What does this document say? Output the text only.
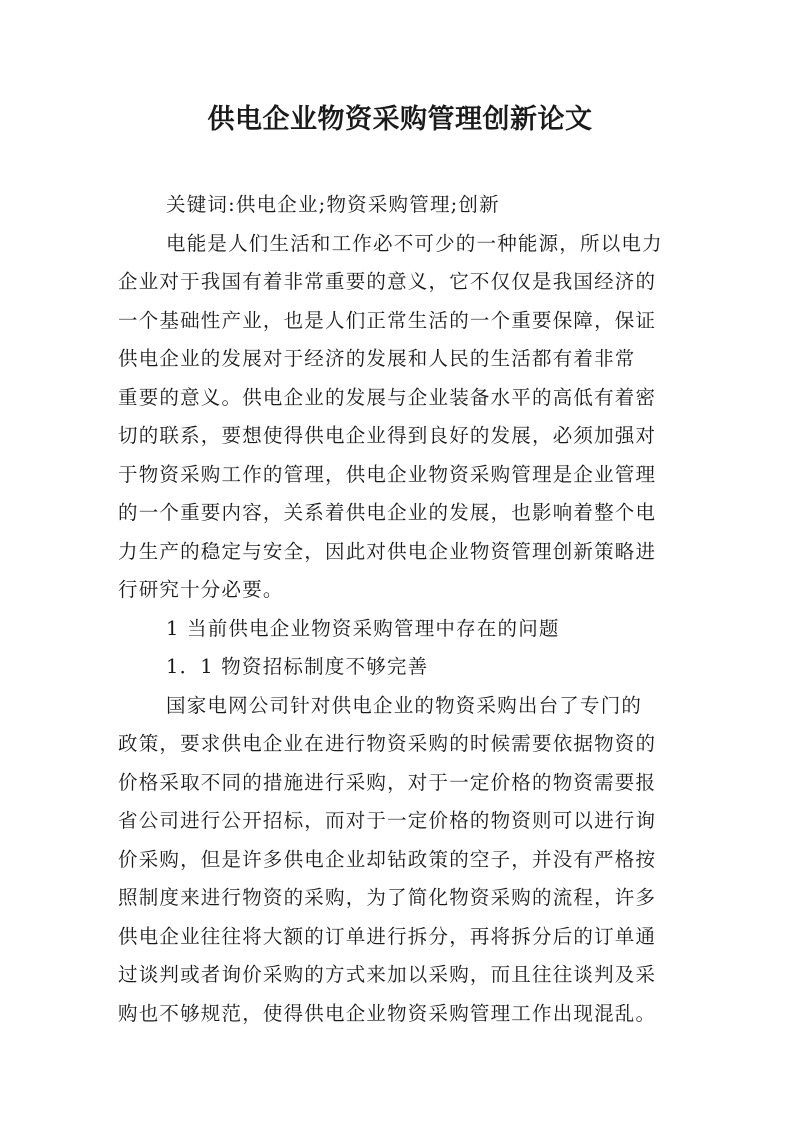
供电企业物资采购管理创新论文

关键词:供电企业;物资采购管理;创新

电能是人们生活和工作必不可少的一种能源，所以电力

企业对于我国有着非常重要的意义，它不仅仅是我国经济的

一个基础性产业，也是人们正常生活的一个重要保障，保证

供电企业的发展对于经济的发展和人民的生活都有着非常

重要的意义。供电企业的发展与企业装备水平的高低有着密

切的联系，要想使得供电企业得到良好的发展，必须加强对

于物资采购工作的管理，供电企业物资采购管理是企业管理

的一个重要内容，关系着供电企业的发展，也影响着整个电

力生产的稳定与安全，因此对供电企业物资管理创新策略进

行研究十分必要。

1 当前供电企业物资采购管理中存在的问题

1．1 物资招标制度不够完善

国家电网公司针对供电企业的物资采购出台了专门的

政策，要求供电企业在进行物资采购的时候需要依据物资的

价格采取不同的措施进行采购，对于一定价格的物资需要报

省公司进行公开招标，而对于一定价格的物资则可以进行询

价采购，但是许多供电企业却钻政策的空子，并没有严格按

照制度来进行物资的采购，为了简化物资采购的流程，许多

供电企业往往将大额的订单进行拆分，再将拆分后的订单通

过谈判或者询价采购的方式来加以采购，而且往往谈判及采

购也不够规范，使得供电企业物资采购管理工作出现混乱。
